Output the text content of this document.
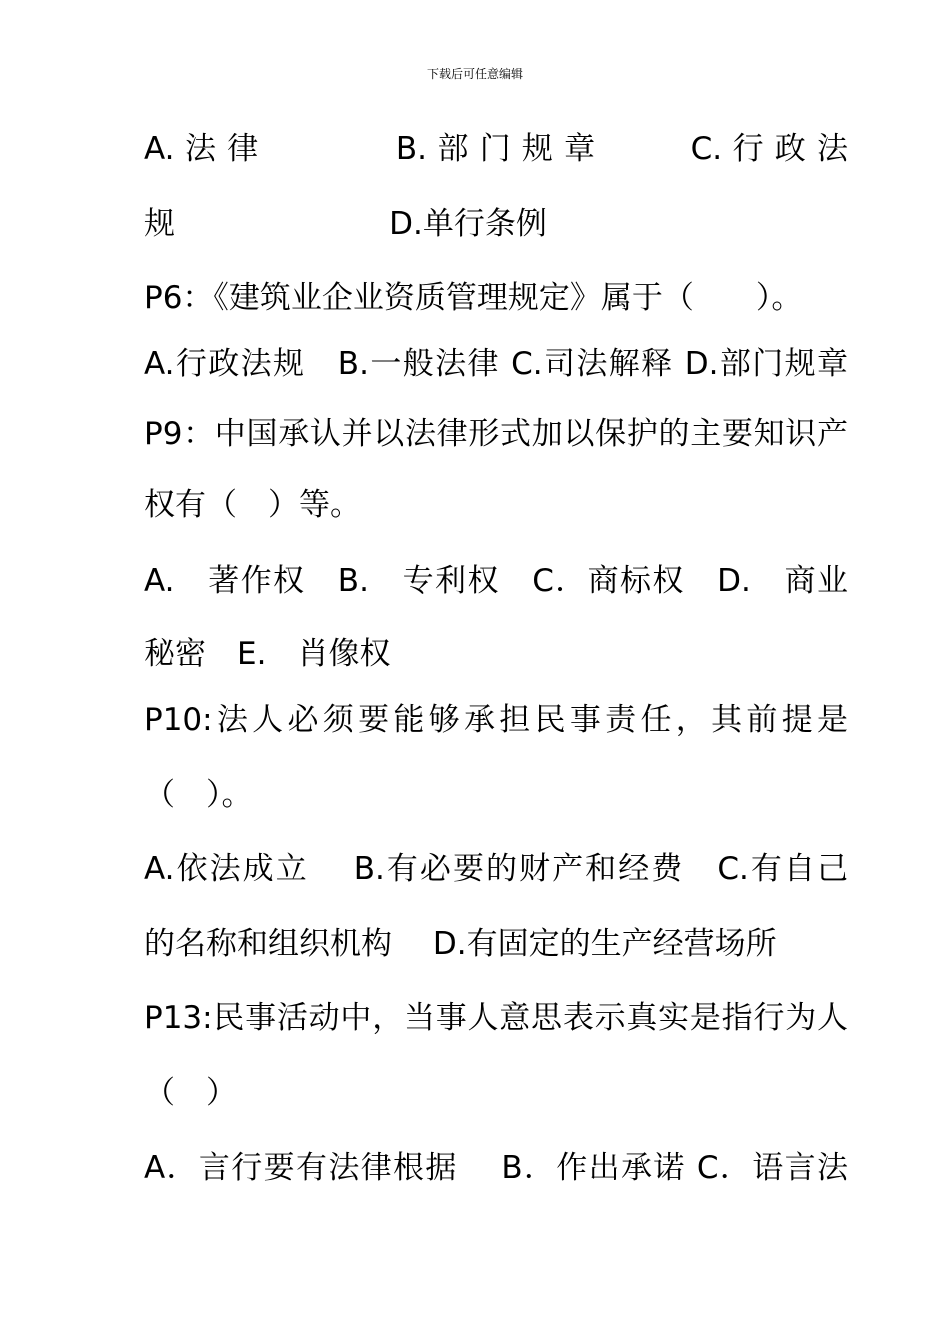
下载后可任意编辑
A. 法 律 　 　 　 B. 部 门 规 章 　 　 C. 行 政 法
规 　 　 　 　 　 D.单行条例
P6：《建筑业企业资质管理规定》属于（　　）。
A.行政法规　B.一般法律 C.司法解释 D.部门规章
P9：中国承认并以法律形式加以保护的主要知识产
权有（　）等。
A.　著作权　B.　专利权　C．商标权　D.　商业
秘密　E.　肖像权
P10:法人必须要能够承担民事责任，其前提是
（　）。
A.依法成立　 B.有必要的财产和经费　C.有自己
的名称和组织机构　 D.有固定的生产经营场所
P13:民事活动中，当事人意思表示真实是指行为人
（　）
A．言行要有法律根据　 B．作出承诺 C．语言法
